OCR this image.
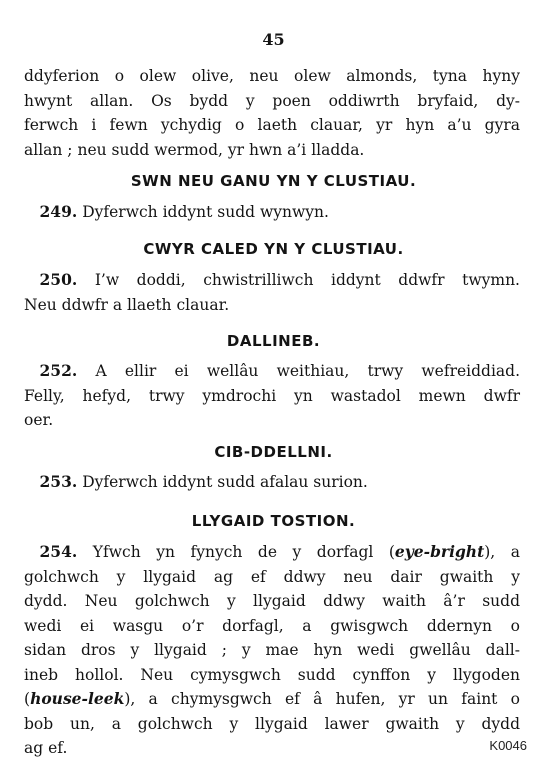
45
ddyferion o olew olive, neu olew almonds, tyna hyny
hwynt allan. Os bydd y poen oddiwrth bryfaid, dy-
ferwch i fewn ychydig o laeth clauar, yr hyn a’u gyra
allan ; neu sudd wermod, yr hwn a’i lladda.
SWN NEU GANU YN Y CLUSTIAU.
 249. Dyferwch iddynt sudd wynwyn.
CWYR CALED YN Y CLUSTIAU.
 250. I’w doddi, chwistrilliwch iddynt ddwfr twymn.
Neu ddwfr a llaeth clauar.
DALLINEB.
 252. A ellir ei wellâu weithiau, trwy wefreiddiad.
Felly, hefyd, trwy ymdrochi yn wastadol mewn dwfr
oer.
CIB-DDELLNI.
 253. Dyferwch iddynt sudd afalau surion.
LLYGAID TOSTION.
 254. Yfwch yn fynych de y dorfagl (eye-bright), a
golchwch y llygaid ag ef ddwy neu dair gwaith y
dydd. Neu golchwch y llygaid ddwy waith â’r sudd
wedi ei wasgu o’r dorfagl, a gwisgwch ddernyn o
sidan dros y llygaid ; y mae hyn wedi gwellâu dall-
ineb hollol. Neu cymysgwch sudd cynffon y llygoden
(house-leek), a chymysgwch ef â hufen, yr un faint o
bob un, a golchwch y llygaid lawer gwaith y dydd
ag ef.	K0046
